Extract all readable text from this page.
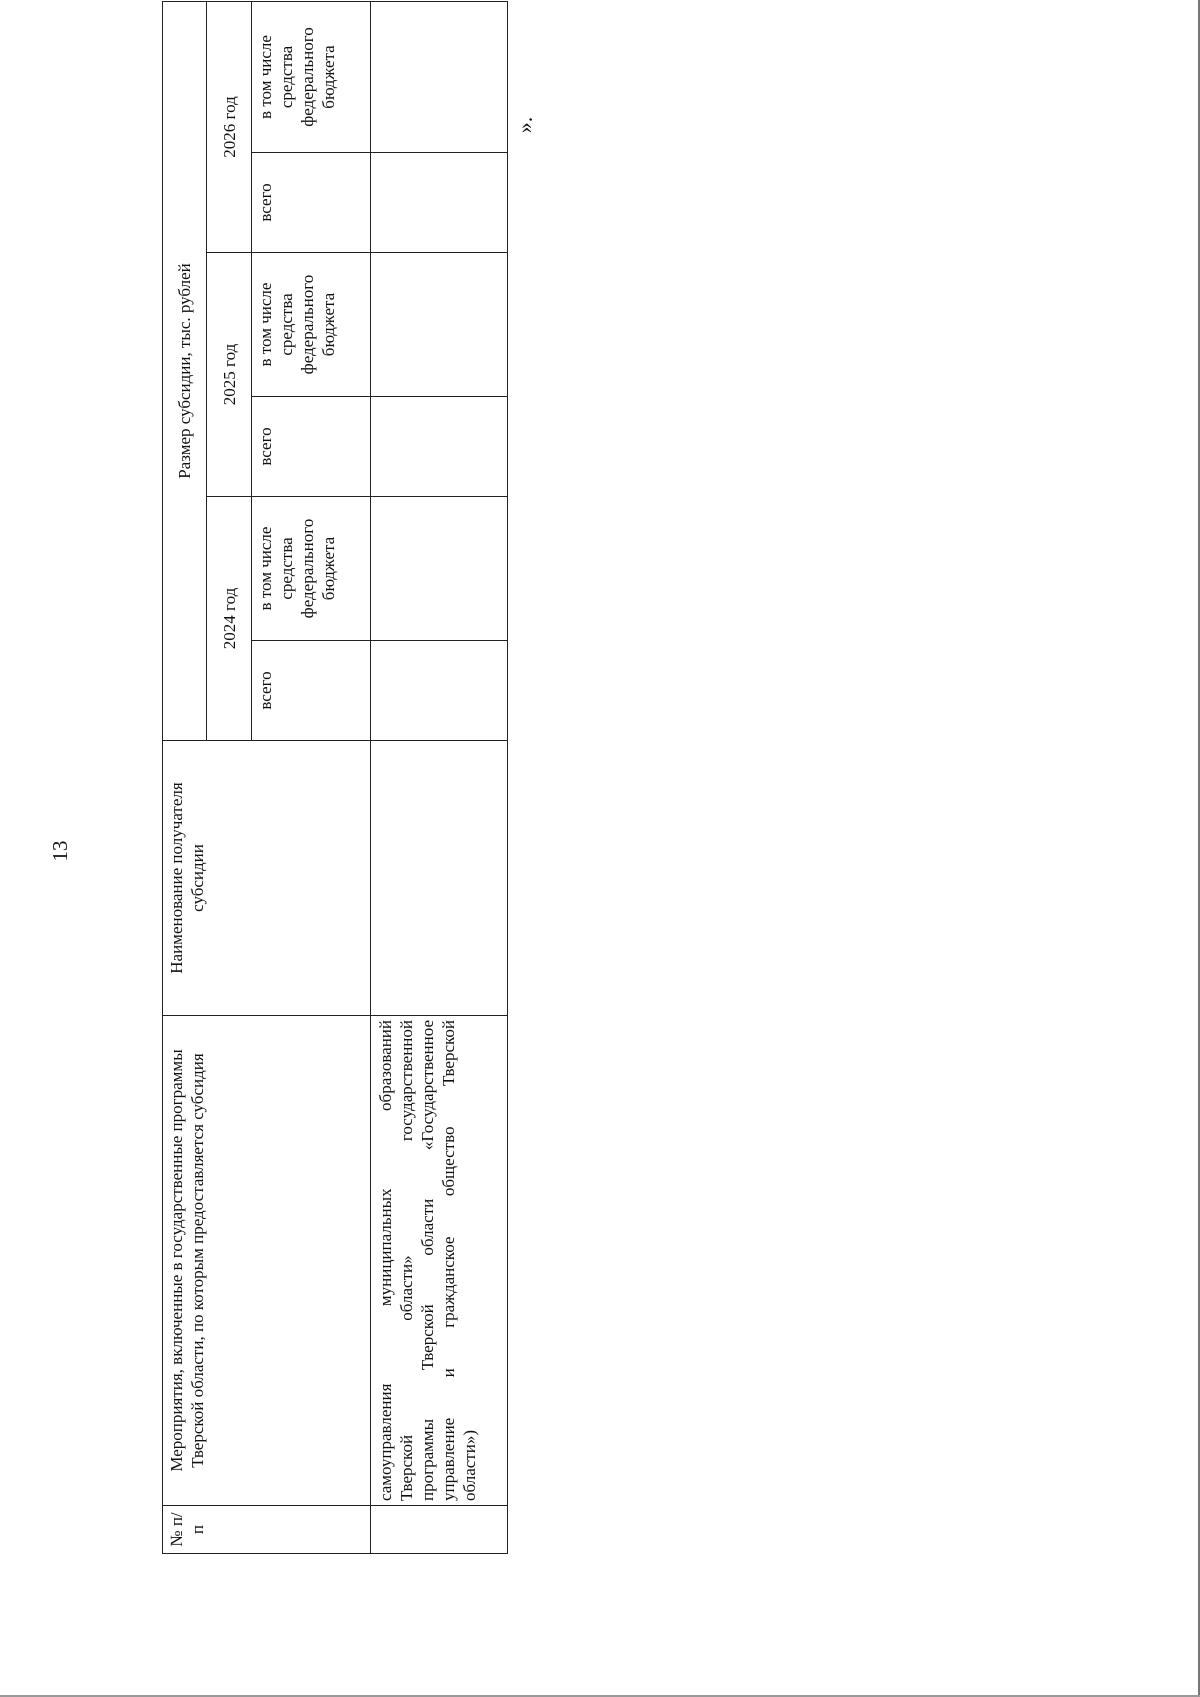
13
».
№ п/п	Мероприятия, включенные в государственные программы Тверской области, по которым предоставляется субсидия	Наименование получателя субсидии	Размер субсидии, тыс. рублей					
			2024 год		2025 год		2026 год	
			всего	в том числе средства федерального бюджета	всего	в том числе средства федерального бюджета	всего	в том числе средства федерального бюджета

	самоуправления муниципальных образований Тверской области» государственной программы Тверской области «Государственное управление и гражданское общество Тверской области»)							
